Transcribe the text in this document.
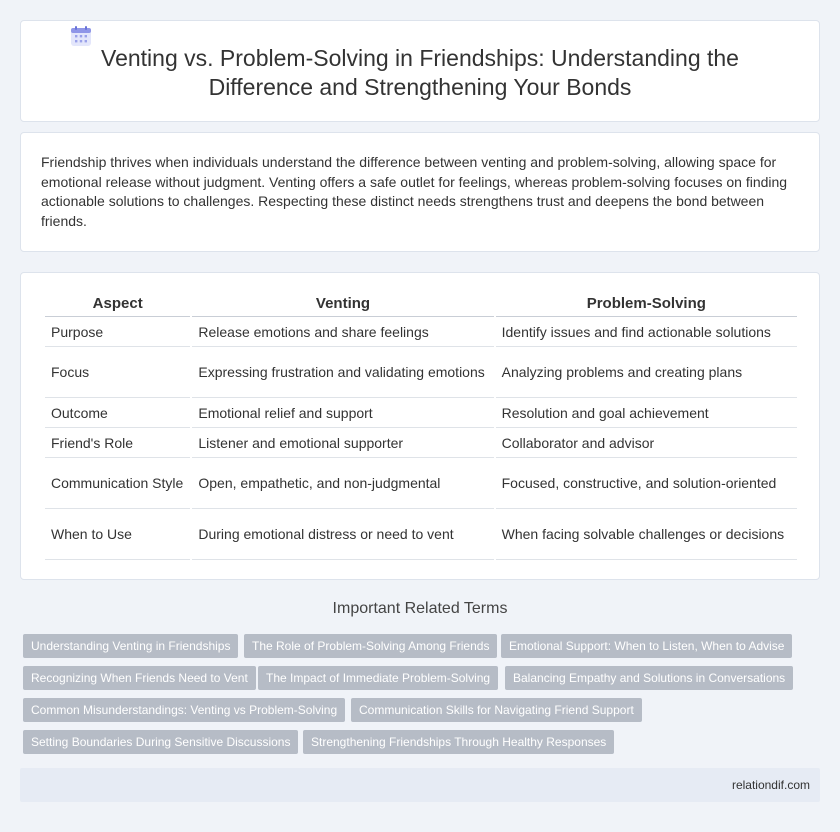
Venting vs. Problem-Solving in Friendships: Understanding the
Difference and Strengthening Your Bonds

Friendship thrives when individuals understand the difference between venting and problem-solving, allowing space for emotional release without judgment. Venting offers a safe outlet for feelings, whereas problem-solving focuses on finding actionable solutions to challenges. Respecting these distinct needs strengthens trust and deepens the bond between friends.

Aspect	Venting	Problem-Solving
Purpose	Release emotions and share feelings	Identify issues and find actionable solutions
Focus	Expressing frustration and validating emotions	Analyzing problems and creating plans
Outcome	Emotional relief and support	Resolution and goal achievement
Friend's Role	Listener and emotional supporter	Collaborator and advisor
Communication Style	Open, empathetic, and non-judgmental	Focused, constructive, and solution-oriented
When to Use	During emotional distress or need to vent	When facing solvable challenges or decisions
Important Related Terms
Understanding Venting in Friendships	The Role of Problem-Solving Among Friends	Emotional Support: When to Listen, When to Advise
Recognizing When Friends Need to Vent	The Impact of Immediate Problem-Solving	Balancing Empathy and Solutions in Conversations
Common Misunderstandings: Venting vs Problem-Solving	Communication Skills for Navigating Friend Support
Setting Boundaries During Sensitive Discussions	Strengthening Friendships Through Healthy Responses
relationdif.com
